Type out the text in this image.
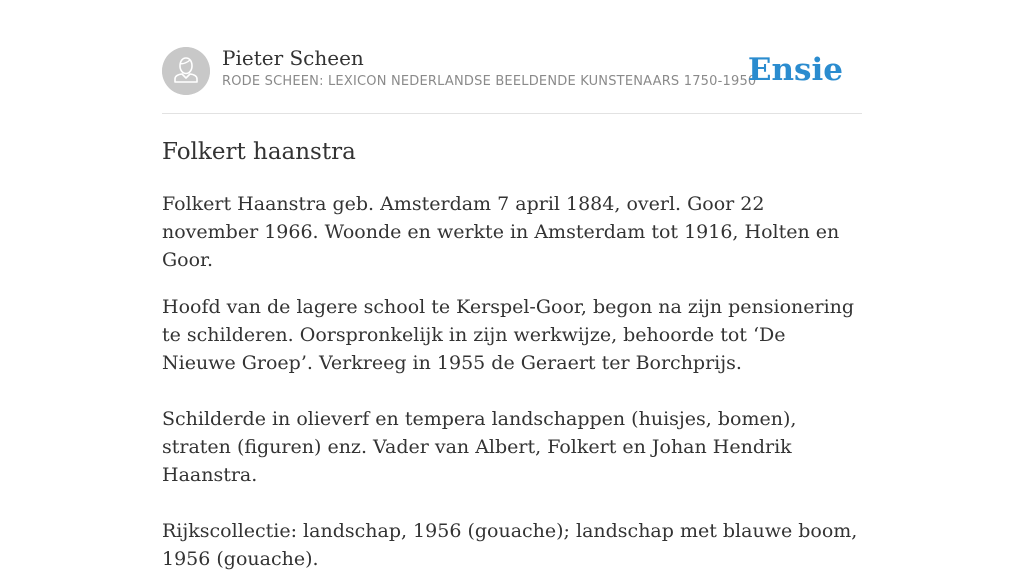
Pieter Scheen
RODE SCHEEN: LEXICON NEDERLANDSE BEELDENDE KUNSTENAARS 1750-1950
Ensie
Folkert haanstra

Folkert Haanstra geb. Amsterdam 7 april 1884, overl. Goor 22 november 1966. Woonde en werkte in Amsterdam tot 1916, Holten en Goor.

Hoofd van de lagere school te Kerspel-Goor, begon na zijn pensionering te schilderen. Oorspronkelijk in zijn werkwijze, behoorde tot ‘De Nieuwe Groep’. Verkreeg in 1955 de Geraert ter Borchprijs.

Schilderde in olieverf en tempera landschappen (huisjes, bomen), straten (figuren) enz. Vader van Albert, Folkert en Johan Hendrik Haanstra.

Rijkscollectie: landschap, 1956 (gouache); landschap met blauwe boom, 1956 (gouache).
